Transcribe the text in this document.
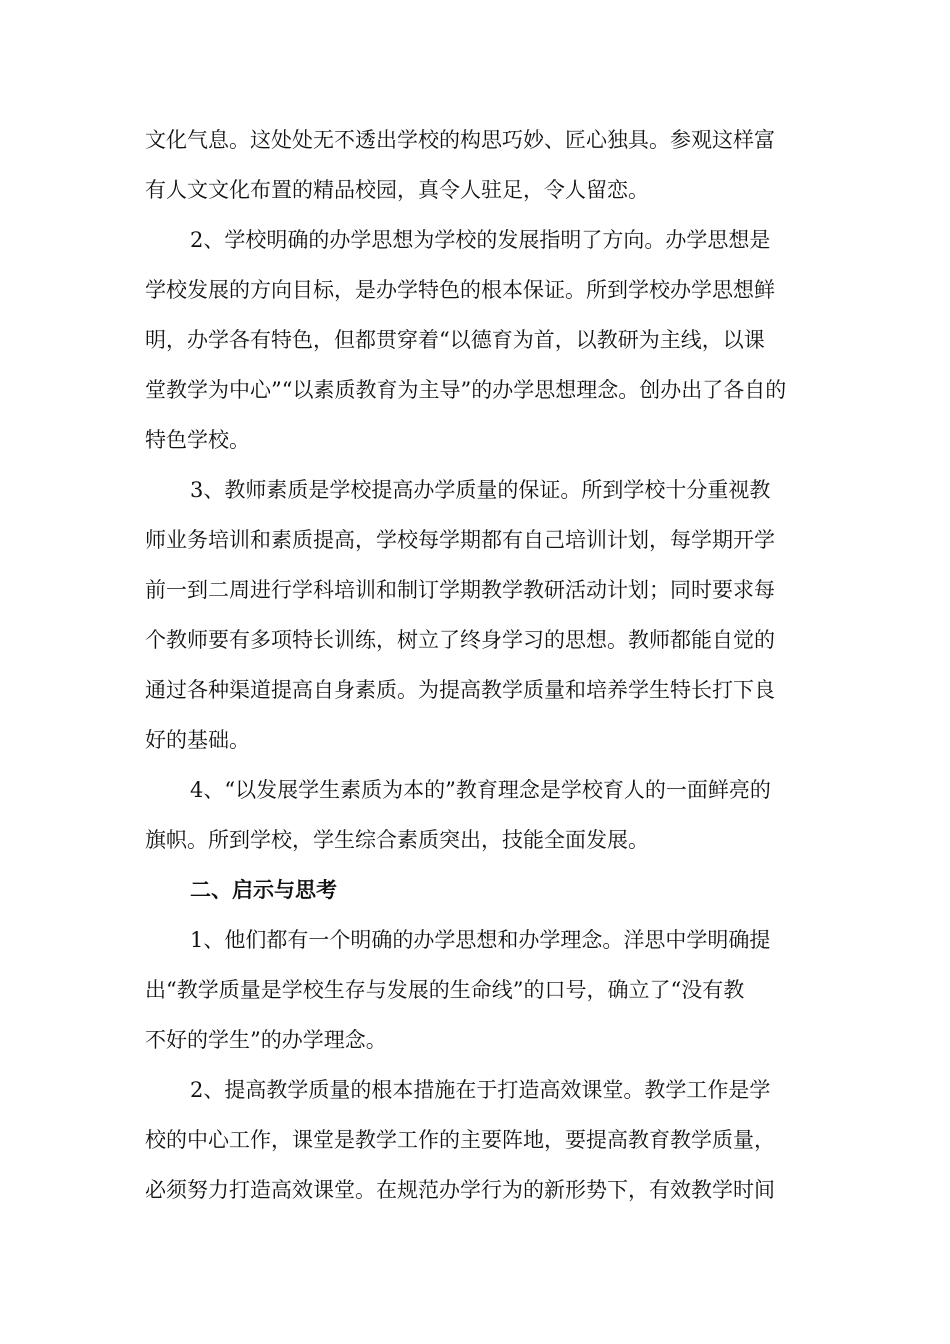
文化气息。这处处无不透出学校的构思巧妙、匠心独具。参观这样富
有人文文化布置的精品校园，真令人驻足，令人留恋。
2、学校明确的办学思想为学校的发展指明了方向。办学思想是
学校发展的方向目标，是办学特色的根本保证。所到学校办学思想鲜
明，办学各有特色，但都贯穿着“以德育为首，以教研为主线，以课
堂教学为中心”“以素质教育为主导”的办学思想理念。创办出了各自的
特色学校。
3、教师素质是学校提高办学质量的保证。所到学校十分重视教
师业务培训和素质提高，学校每学期都有自己培训计划，每学期开学
前一到二周进行学科培训和制订学期教学教研活动计划；同时要求每
个教师要有多项特长训练，树立了终身学习的思想。教师都能自觉的
通过各种渠道提高自身素质。为提高教学质量和培养学生特长打下良
好的基础。
4、“以发展学生素质为本的”教育理念是学校育人的一面鲜亮的
旗帜。所到学校，学生综合素质突出，技能全面发展。
二、启示与思考
1、他们都有一个明确的办学思想和办学理念。洋思中学明确提
出“教学质量是学校生存与发展的生命线”的口号，确立了“没有教
不好的学生”的办学理念。
2、提高教学质量的根本措施在于打造高效课堂。教学工作是学
校的中心工作，课堂是教学工作的主要阵地，要提高教育教学质量，
必须努力打造高效课堂。在规范办学行为的新形势下，有效教学时间
